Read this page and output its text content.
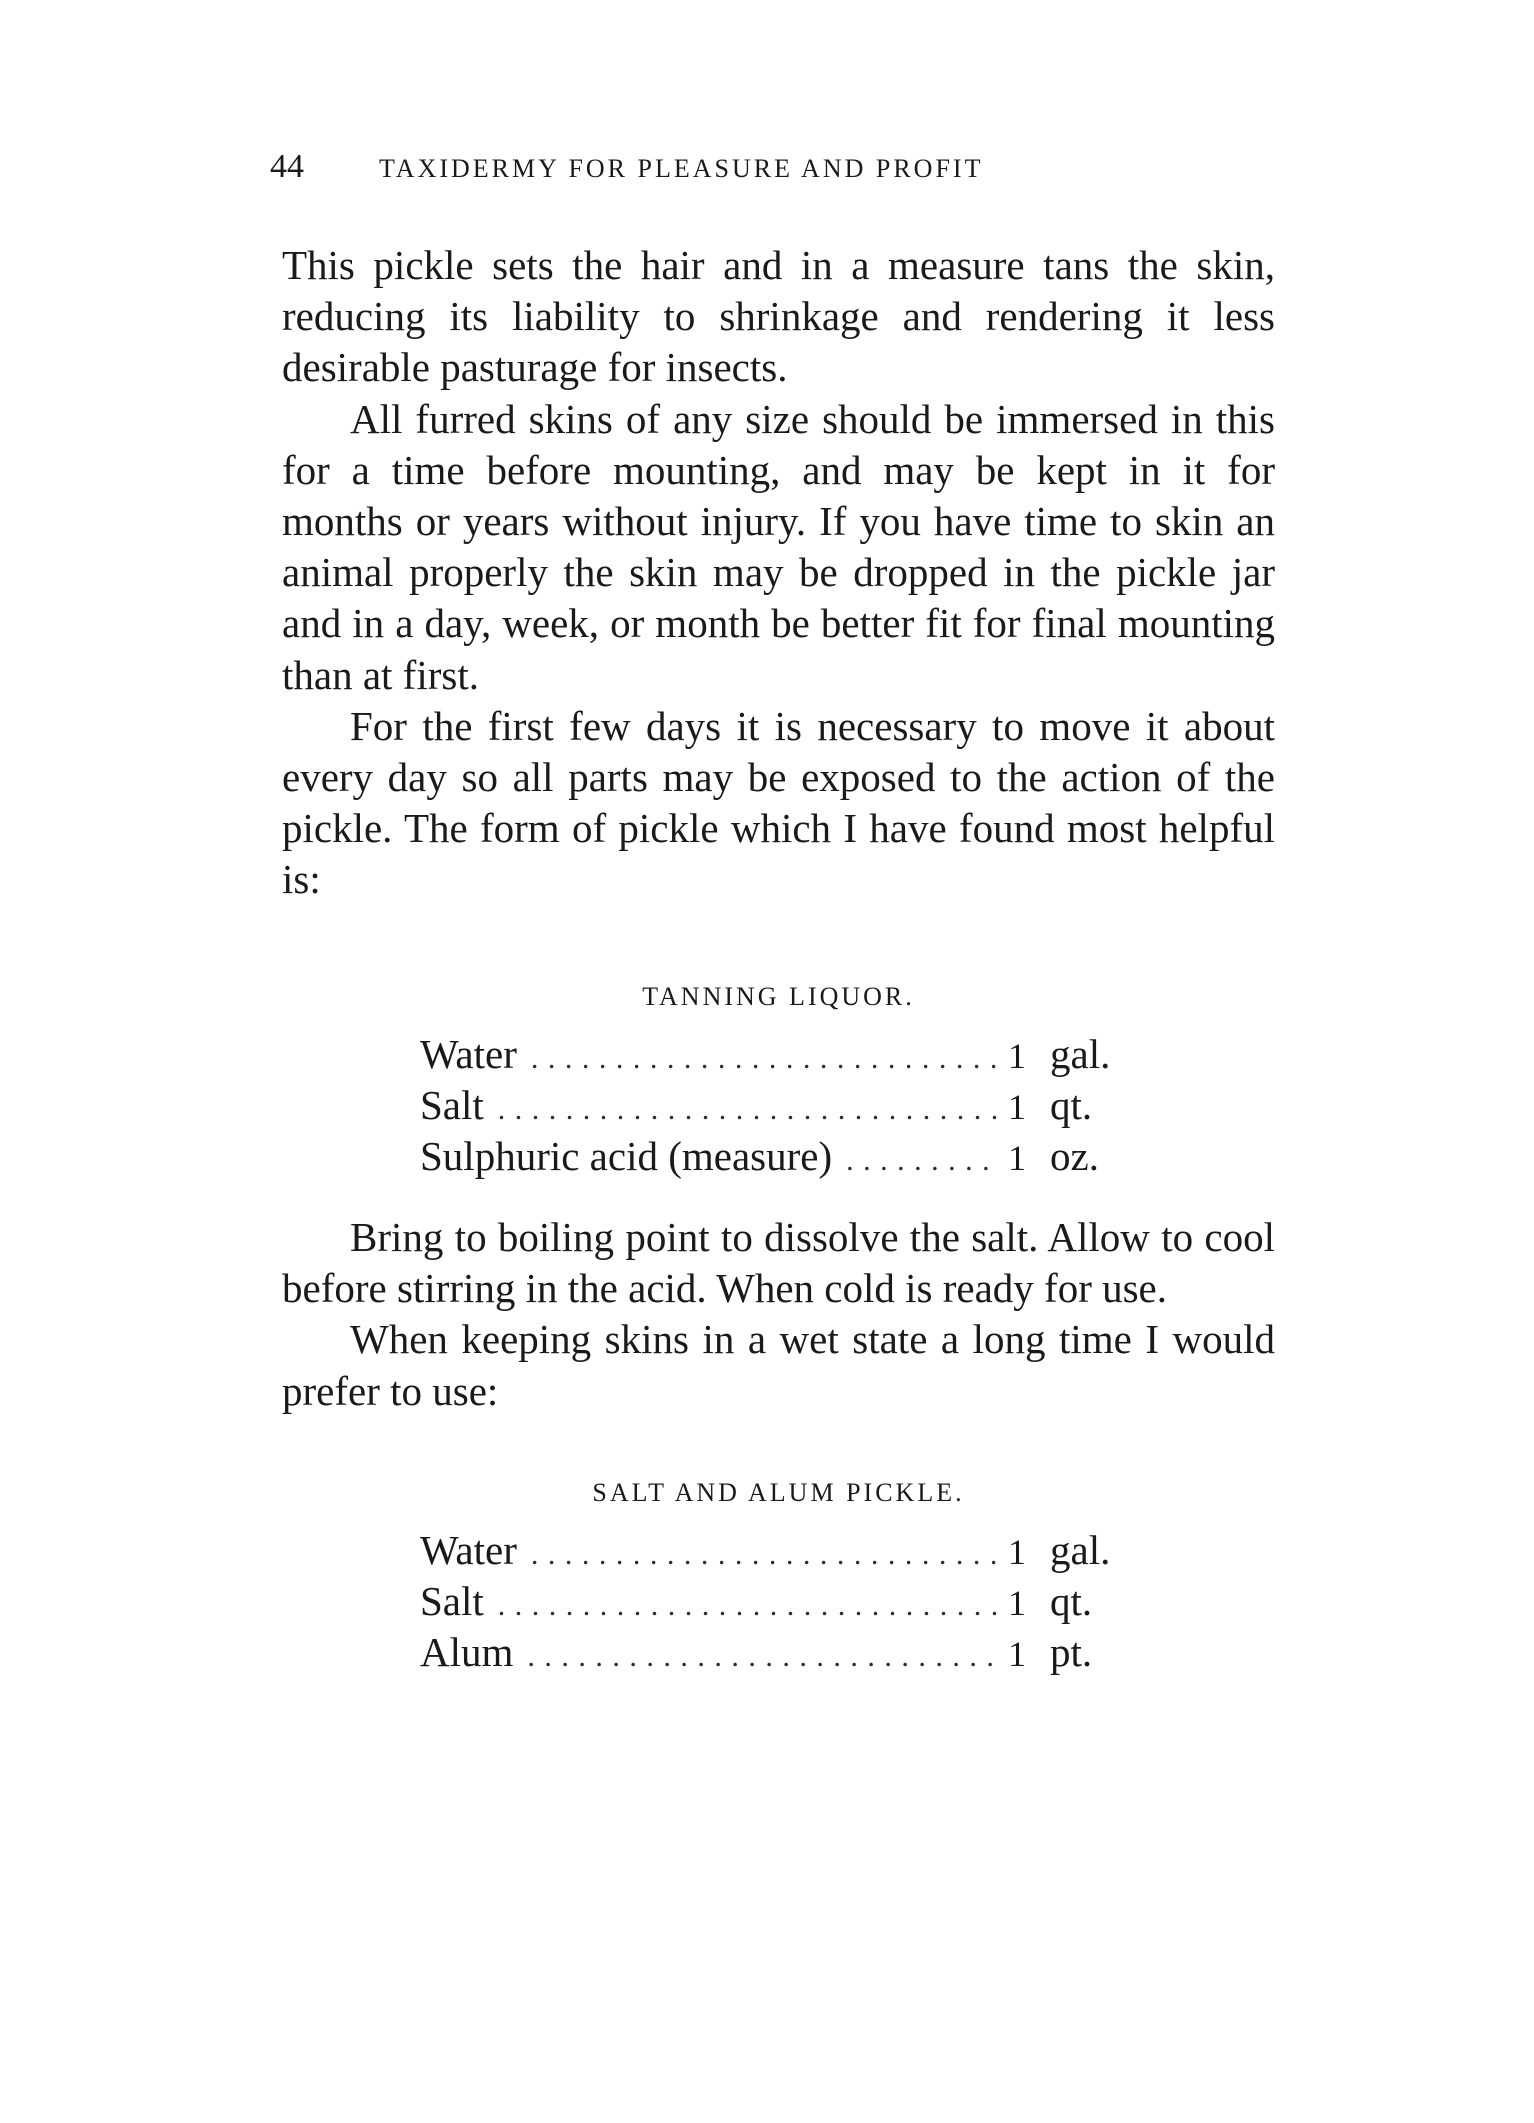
44	TAXIDERMY FOR PLEASURE AND PROFIT

This pickle sets the hair and in a measure tans the skin, reducing its liability to shrinkage and rendering it less desirable pasturage for insects.

All furred skins of any size should be immersed in this for a time before mounting, and may be kept in it for months or years without injury. If you have time to skin an animal properly the skin may be dropped in the pickle jar and in a day, week, or month be better fit for final mounting than at first.

For the first few days it is necessary to move it about every day so all parts may be exposed to the action of the pickle. The form of pickle which I have found most helpful is:

TANNING LIQUOR.
Water . . .	1 gal.
Salt . . .	1 qt.
Sulphuric acid (measure) . . .	1 oz.

Bring to boiling point to dissolve the salt. Allow to cool before stirring in the acid. When cold is ready for use.

When keeping skins in a wet state a long time I would prefer to use:

SALT AND ALUM PICKLE.
Water . . .	1 gal.
Salt . . .	1 qt.
Alum . . .	1 pt.
